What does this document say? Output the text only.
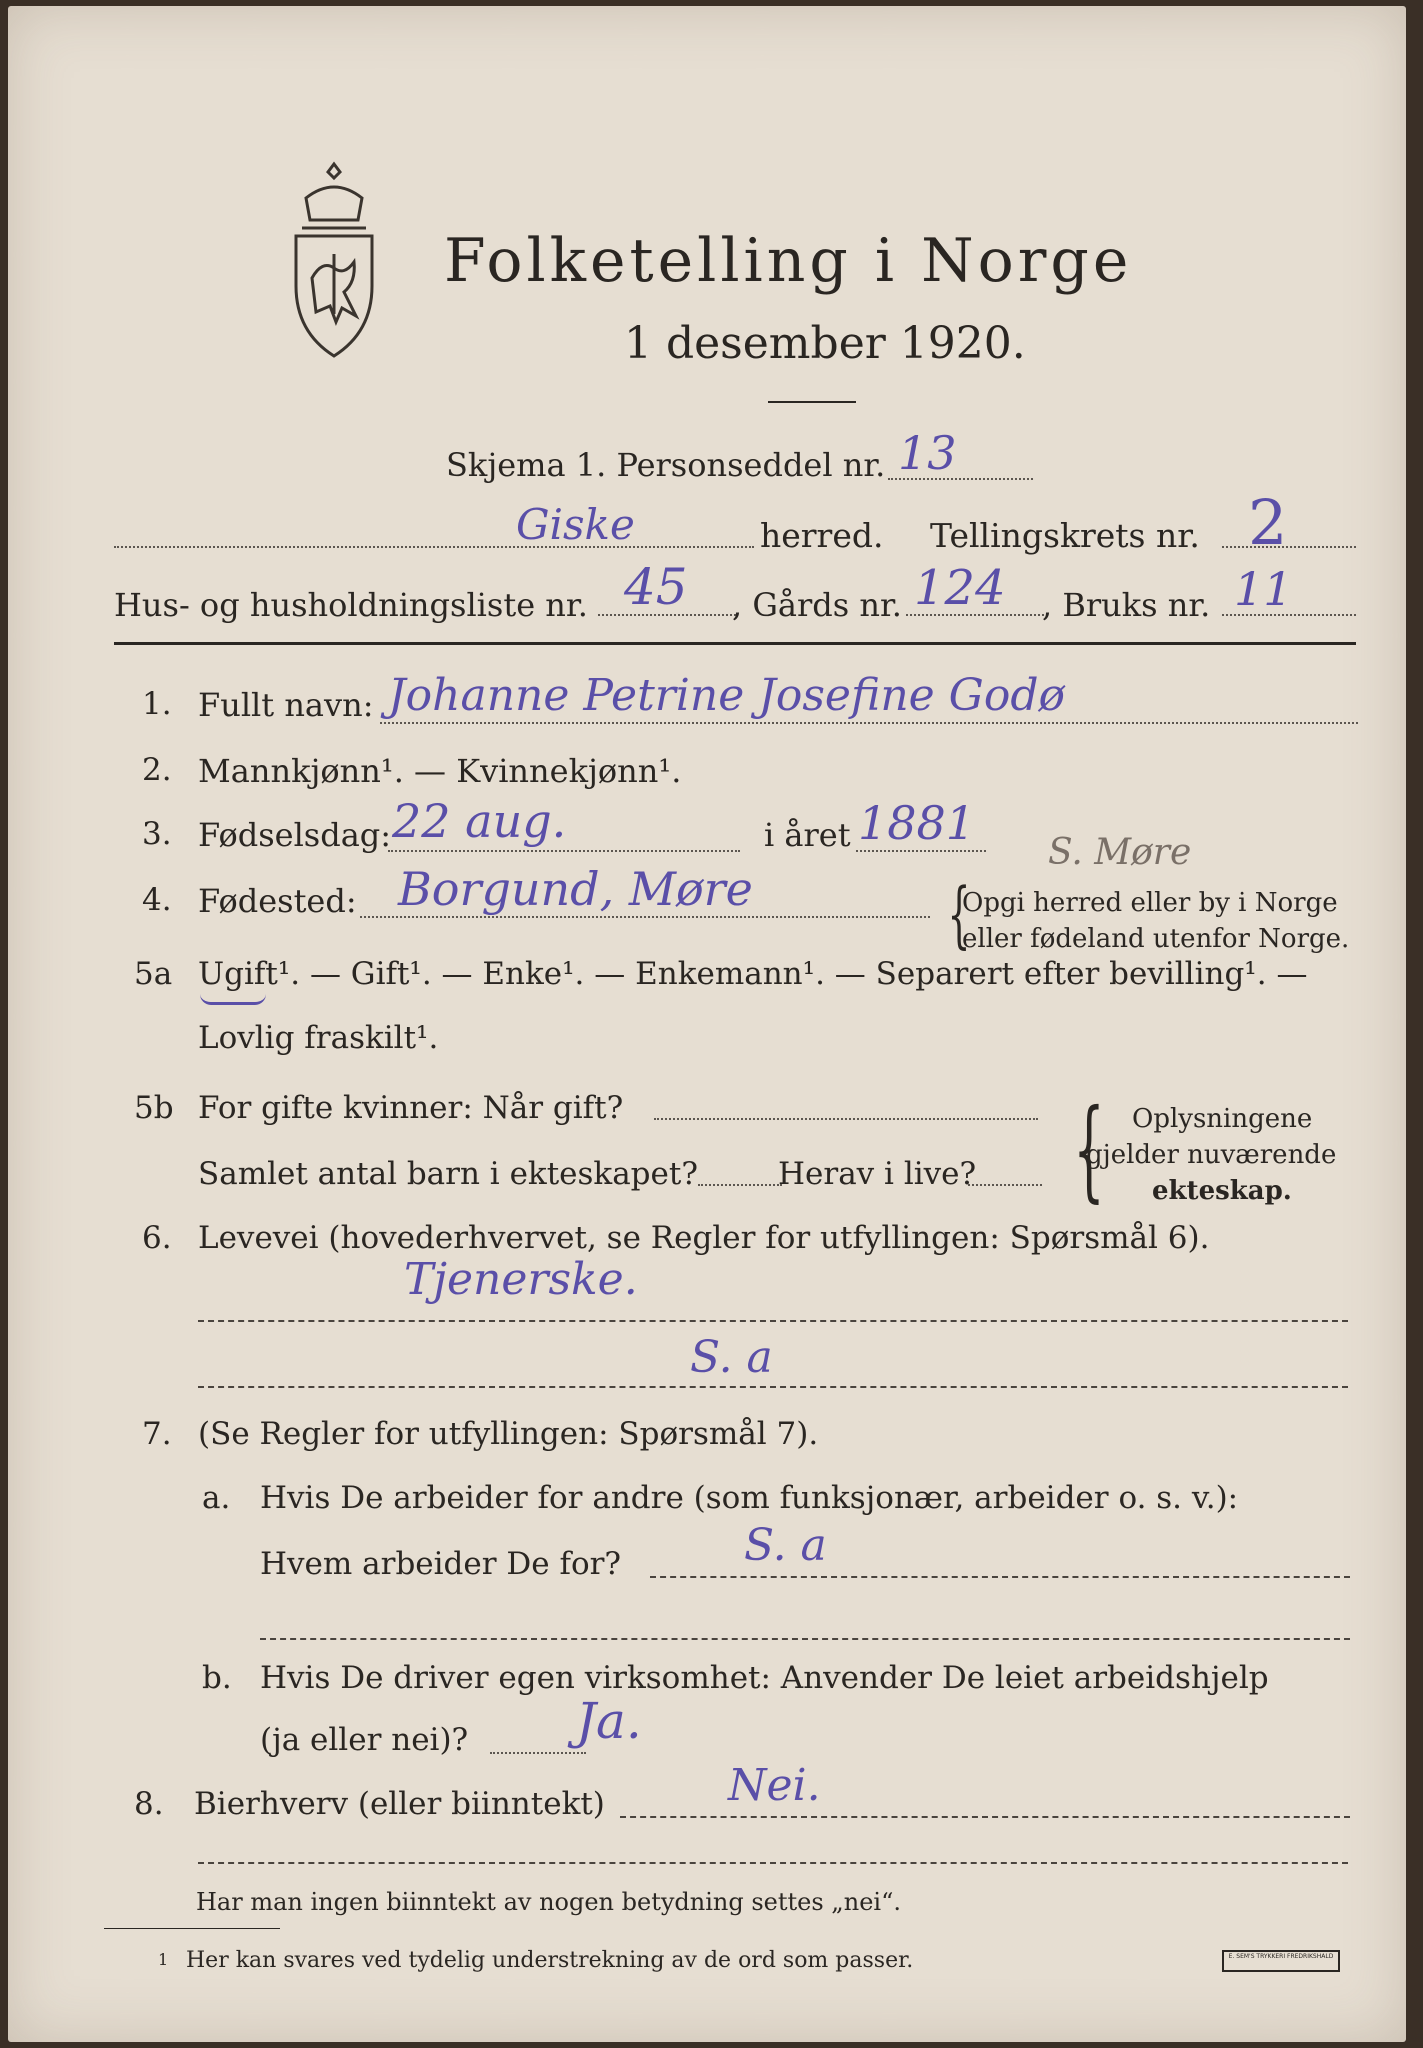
Folketelling i Norge
1 desember 1920.
Skjema 1. Personseddel nr. 13
Giske	herred. Tellingskrets nr. 2
Hus- og husholdningsliste nr. 45 , Gårds nr. 124 , Bruks nr. 11
1. Fullt navn: Johanne Petrine Josefine Godø
2. Mannkjønn¹. — Kvinnekjønn¹.
3. Fødselsdag: 22 aug.	i året 1881
S. Møre
4. Fødested: Borgund, Møre	{
Opgi herred eller by i Norge
eller fødeland utenfor Norge.
5a Ugift¹. — Gift¹. — Enke¹. — Enkemann¹. — Separert efter bevilling¹. —
Lovlig fraskilt¹.
5b For gifte kvinner: Når gift?
Samlet antal barn i ekteskapet?	Herav i live? { Oplysningene
gjelder nuværende
ekteskap.
6. Levevei (hovederhvervet, se Regler for utfyllingen: Spørsmål 6).
Tjenerske.
S. a
7. (Se Regler for utfyllingen: Spørsmål 7).
a. Hvis De arbeider for andre (som funksjonær, arbeider o. s. v.):
Hvem arbeider De for?	S. a
b. Hvis De driver egen virksomhet: Anvender De leiet arbeidshjelp
(ja eller nei)? Ja.
8. Bierhverv (eller biinntekt)	Nei.
Har man ingen biinntekt av nogen betydning settes „nei“.
1 Her kan svares ved tydelig understrekning av de ord som passer.	E. SEM'S TRYKKERI FREDRIKSHALD
